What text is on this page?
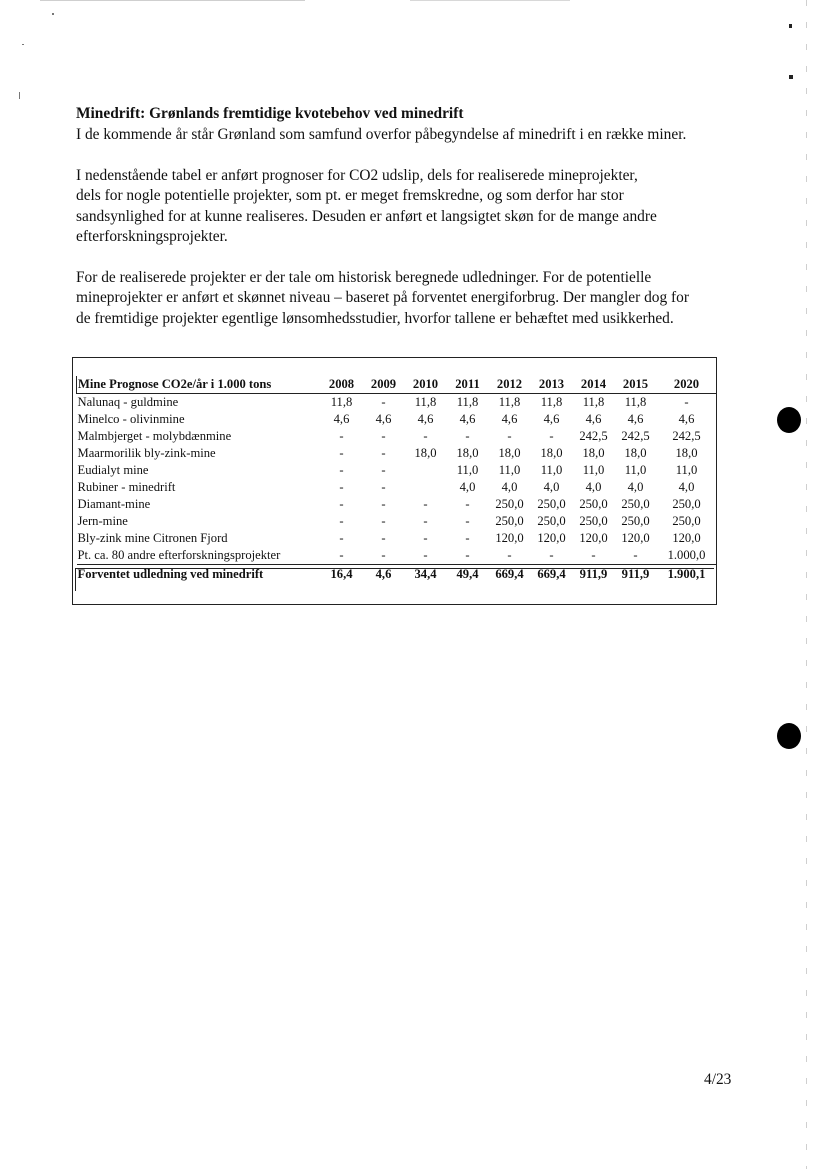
Minedrift: Grønlands fremtidige kvotebehov ved minedrift

I de kommende år står Grønland som samfund overfor påbegyndelse af minedrift i en række miner.

I nedenstående tabel er anført prognoser for CO2 udslip, dels for realiserede mineprojekter,
dels for nogle potentielle projekter, som pt. er meget fremskredne, og som derfor har stor
sandsynlighed for at kunne realiseres. Desuden er anført et langsigtet skøn for de mange andre
efterforskningsprojekter.

For de realiserede projekter er der tale om historisk beregnede udledninger. For de potentielle
mineprojekter er anført et skønnet niveau – baseret på forventet energiforbrug. Der mangler dog for
de fremtidige projekter egentlige lønsomhedsstudier, hvorfor tallene er behæftet med usikkerhed.

Mine Prognose CO2e/år i 1.000 tons	2008	2009	2010	2011	2012	2013	2014	2015	2020
Nalunaq - guldmine	11,8	-	11,8	11,8	11,8	11,8	11,8	11,8	-
Minelco - olivinmine	4,6	4,6	4,6	4,6	4,6	4,6	4,6	4,6	4,6
Malmbjerget - molybdænmine	-	-	-	-	-	-	242,5	242,5	242,5
Maarmorilik bly-zink-mine	-	-	18,0	18,0	18,0	18,0	18,0	18,0	18,0
Eudialyt mine	-	-		11,0	11,0	11,0	11,0	11,0	11,0
Rubiner - minedrift	-	-		4,0	4,0	4,0	4,0	4,0	4,0
Diamant-mine	-	-	-	-	250,0	250,0	250,0	250,0	250,0
Jern-mine	-	-	-	-	250,0	250,0	250,0	250,0	250,0
Bly-zink mine Citronen Fjord	-	-	-	-	120,0	120,0	120,0	120,0	120,0
Pt. ca. 80 andre efterforskningsprojekter	-	-	-	-	-	-	-	-	1.000,0
Forventet udledning ved minedrift	16,4	4,6	34,4	49,4	669,4	669,4	911,9	911,9	1.900,1
4/23
